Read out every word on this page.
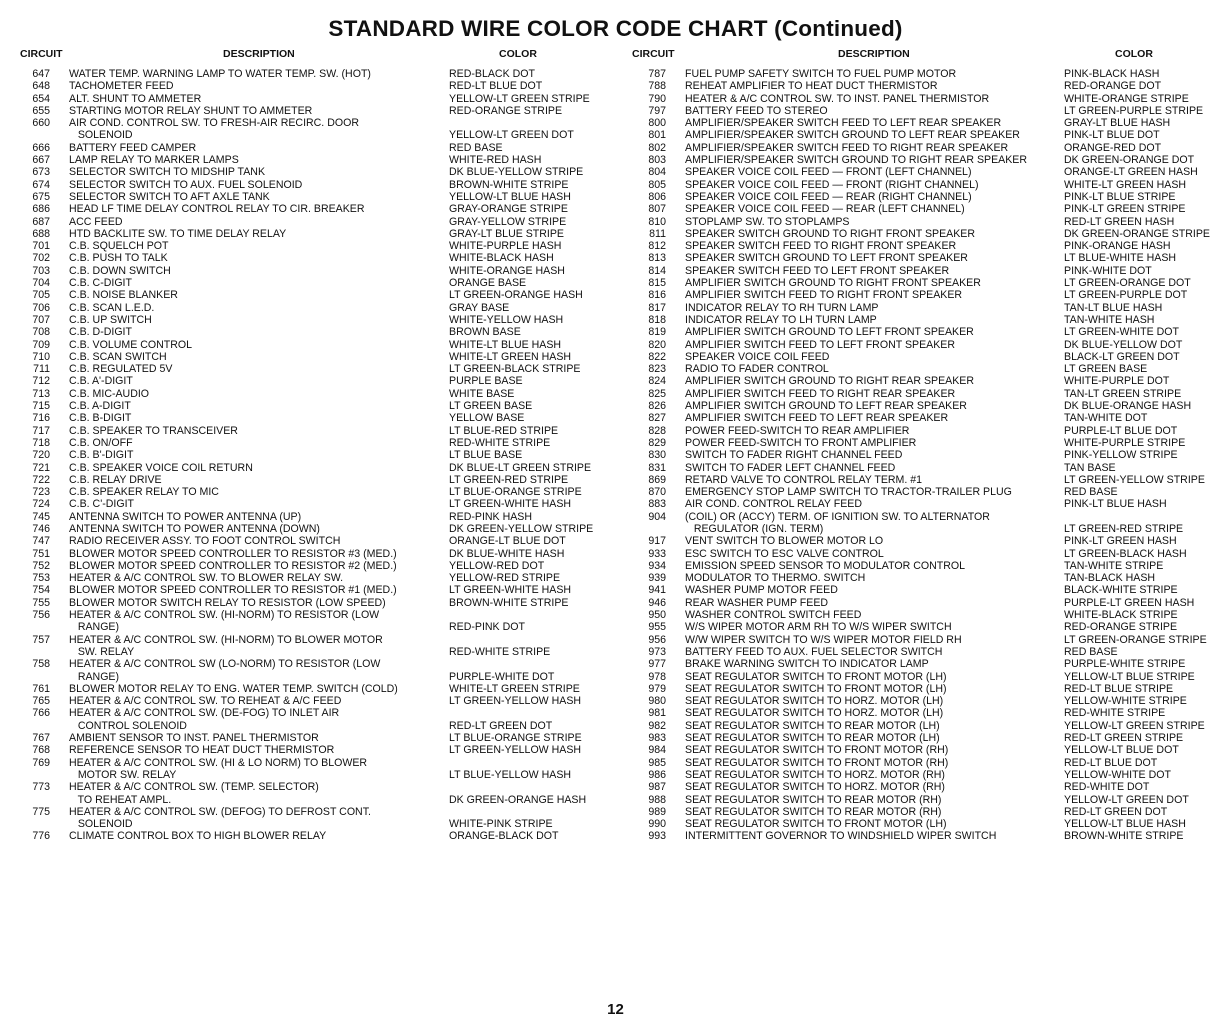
STANDARD WIRE COLOR CODE CHART (Continued)
CIRCUIT	DESCRIPTION	COLOR
647 WATER TEMP. WARNING LAMP TO WATER TEMP. SW. (HOT)	RED-BLACK DOT
648 TACHOMETER FEED	RED-LT BLUE DOT
654 ALT. SHUNT TO AMMETER	YELLOW-LT GREEN STRIPE
655 STARTING MOTOR RELAY SHUNT TO AMMETER	RED-ORANGE STRIPE
660 AIR COND. CONTROL SW. TO FRESH-AIR RECIRC. DOOR
SOLENOID	YELLOW-LT GREEN DOT
666 BATTERY FEED CAMPER	RED BASE
667 LAMP RELAY TO MARKER LAMPS	WHITE-RED HASH
673 SELECTOR SWITCH TO MIDSHIP TANK	DK BLUE-YELLOW STRIPE
674 SELECTOR SWITCH TO AUX. FUEL SOLENOID	BROWN-WHITE STRIPE
675 SELECTOR SWITCH TO AFT AXLE TANK	YELLOW-LT BLUE HASH
686 HEAD LF TIME DELAY CONTROL RELAY TO CIR. BREAKER	GRAY-ORANGE STRIPE
687 ACC FEED	GRAY-YELLOW STRIPE
688 HTD BACKLITE SW. TO TIME DELAY RELAY	GRAY-LT BLUE STRIPE
701 C.B. SQUELCH POT	WHITE-PURPLE HASH
702 C.B. PUSH TO TALK	WHITE-BLACK HASH
703 C.B. DOWN SWITCH	WHITE-ORANGE HASH
704 C.B. C-DIGIT	ORANGE BASE
705 C.B. NOISE BLANKER	LT GREEN-ORANGE HASH
706 C.B. SCAN L.E.D.	GRAY BASE
707 C.B. UP SWITCH	WHITE-YELLOW HASH
708 C.B. D-DIGIT	BROWN BASE
709 C.B. VOLUME CONTROL	WHITE-LT BLUE HASH
710 C.B. SCAN SWITCH	WHITE-LT GREEN HASH
711 C.B. REGULATED 5V	LT GREEN-BLACK STRIPE
712 C.B. A'-DIGIT	PURPLE BASE
713 C.B. MIC-AUDIO	WHITE BASE
715 C.B. A-DIGIT	LT GREEN BASE
716 C.B. B-DIGIT	YELLOW BASE
717 C.B. SPEAKER TO TRANSCEIVER	LT BLUE-RED STRIPE
718 C.B. ON/OFF	RED-WHITE STRIPE
720 C.B. B'-DIGIT	LT BLUE BASE
721 C.B. SPEAKER VOICE COIL RETURN	DK BLUE-LT GREEN STRIPE
722 C.B. RELAY DRIVE	LT GREEN-RED STRIPE
723 C.B. SPEAKER RELAY TO MIC	LT BLUE-ORANGE STRIPE
724 C.B. C'-DIGIT	LT GREEN-WHITE HASH
745 ANTENNA SWITCH TO POWER ANTENNA (UP)	RED-PINK HASH
746 ANTENNA SWITCH TO POWER ANTENNA (DOWN)	DK GREEN-YELLOW STRIPE
747 RADIO RECEIVER ASSY. TO FOOT CONTROL SWITCH	ORANGE-LT BLUE DOT
751 BLOWER MOTOR SPEED CONTROLLER TO RESISTOR #3 (MED.)	DK BLUE-WHITE HASH
752 BLOWER MOTOR SPEED CONTROLLER TO RESISTOR #2 (MED.)	YELLOW-RED DOT
753 HEATER & A/C CONTROL SW. TO BLOWER RELAY SW.	YELLOW-RED STRIPE
754 BLOWER MOTOR SPEED CONTROLLER TO RESISTOR #1 (MED.)	LT GREEN-WHITE HASH
755 BLOWER MOTOR SWITCH RELAY TO RESISTOR (LOW SPEED)	BROWN-WHITE STRIPE
756 HEATER & A/C CONTROL SW. (HI-NORM) TO RESISTOR (LOW
RANGE)	RED-PINK DOT
757 HEATER & A/C CONTROL SW. (HI-NORM) TO BLOWER MOTOR
SW. RELAY	RED-WHITE STRIPE
758 HEATER & A/C CONTROL SW (LO-NORM) TO RESISTOR (LOW
RANGE)	PURPLE-WHITE DOT
761 BLOWER MOTOR RELAY TO ENG. WATER TEMP. SWITCH (COLD)	WHITE-LT GREEN STRIPE
765 HEATER & A/C CONTROL SW. TO REHEAT & A/C FEED	LT GREEN-YELLOW HASH
766 HEATER & A/C CONTROL SW. (DE-FOG) TO INLET AIR
CONTROL SOLENOID	RED-LT GREEN DOT
767 AMBIENT SENSOR TO INST. PANEL THERMISTOR	LT BLUE-ORANGE STRIPE
768 REFERENCE SENSOR TO HEAT DUCT THERMISTOR	LT GREEN-YELLOW HASH
769 HEATER & A/C CONTROL SW. (HI & LO NORM) TO BLOWER
MOTOR SW. RELAY	LT BLUE-YELLOW HASH
773 HEATER & A/C CONTROL SW. (TEMP. SELECTOR)
TO REHEAT AMPL.	DK GREEN-ORANGE HASH
775 HEATER & A/C CONTROL SW. (DEFOG) TO DEFROST CONT.
SOLENOID	WHITE-PINK STRIPE
776 CLIMATE CONTROL BOX TO HIGH BLOWER RELAY	ORANGE-BLACK DOT
CIRCUIT	DESCRIPTION	COLOR
787 FUEL PUMP SAFETY SWITCH TO FUEL PUMP MOTOR	PINK-BLACK HASH
788 REHEAT AMPLIFIER TO HEAT DUCT THERMISTOR	RED-ORANGE DOT
790 HEATER & A/C CONTROL SW. TO INST. PANEL THERMISTOR	WHITE-ORANGE STRIPE
797 BATTERY FEED TO STEREO	LT GREEN-PURPLE STRIPE
800 AMPLIFIER/SPEAKER SWITCH FEED TO LEFT REAR SPEAKER	GRAY-LT BLUE HASH
801 AMPLIFIER/SPEAKER SWITCH GROUND TO LEFT REAR SPEAKER	PINK-LT BLUE DOT
802 AMPLIFIER/SPEAKER SWITCH FEED TO RIGHT REAR SPEAKER	ORANGE-RED DOT
803 AMPLIFIER/SPEAKER SWITCH GROUND TO RIGHT REAR SPEAKER	DK GREEN-ORANGE DOT
804 SPEAKER VOICE COIL FEED — FRONT (LEFT CHANNEL)	ORANGE-LT GREEN HASH
805 SPEAKER VOICE COIL FEED — FRONT (RIGHT CHANNEL)	WHITE-LT GREEN HASH
806 SPEAKER VOICE COIL FEED — REAR (RIGHT CHANNEL)	PINK-LT BLUE STRIPE
807 SPEAKER VOICE COIL FEED — REAR (LEFT CHANNEL)	PINK-LT GREEN STRIPE
810 STOPLAMP SW. TO STOPLAMPS	RED-LT GREEN HASH
811 SPEAKER SWITCH GROUND TO RIGHT FRONT SPEAKER	DK GREEN-ORANGE STRIPE
812 SPEAKER SWITCH FEED TO RIGHT FRONT SPEAKER	PINK-ORANGE HASH
813 SPEAKER SWITCH GROUND TO LEFT FRONT SPEAKER	LT BLUE-WHITE HASH
814 SPEAKER SWITCH FEED TO LEFT FRONT SPEAKER	PINK-WHITE DOT
815 AMPLIFIER SWITCH GROUND TO RIGHT FRONT SPEAKER	LT GREEN-ORANGE DOT
816 AMPLIFIER SWITCH FEED TO RIGHT FRONT SPEAKER	LT GREEN-PURPLE DOT
817 INDICATOR RELAY TO RH TURN LAMP	TAN-LT BLUE HASH
818 INDICATOR RELAY TO LH TURN LAMP	TAN-WHITE HASH
819 AMPLIFIER SWITCH GROUND TO LEFT FRONT SPEAKER	LT GREEN-WHITE DOT
820 AMPLIFIER SWITCH FEED TO LEFT FRONT SPEAKER	DK BLUE-YELLOW DOT
822 SPEAKER VOICE COIL FEED	BLACK-LT GREEN DOT
823 RADIO TO FADER CONTROL	LT GREEN BASE
824 AMPLIFIER SWITCH GROUND TO RIGHT REAR SPEAKER	WHITE-PURPLE DOT
825 AMPLIFIER SWITCH FEED TO RIGHT REAR SPEAKER	TAN-LT GREEN STRIPE
826 AMPLIFIER SWITCH GROUND TO LEFT REAR SPEAKER	DK BLUE-ORANGE HASH
827 AMPLIFIER SWITCH FEED TO LEFT REAR SPEAKER	TAN-WHITE DOT
828 POWER FEED-SWITCH TO REAR AMPLIFIER	PURPLE-LT BLUE DOT
829 POWER FEED-SWITCH TO FRONT AMPLIFIER	WHITE-PURPLE STRIPE
830 SWITCH TO FADER RIGHT CHANNEL FEED	PINK-YELLOW STRIPE
831 SWITCH TO FADER LEFT CHANNEL FEED	TAN BASE
869 RETARD VALVE TO CONTROL RELAY TERM. #1	LT GREEN-YELLOW STRIPE
870 EMERGENCY STOP LAMP SWITCH TO TRACTOR-TRAILER PLUG	RED BASE
883 AIR COND. CONTROL RELAY FEED	PINK-LT BLUE HASH
904 (COIL) OR (ACCY) TERM. OF IGNITION SW. TO ALTERNATOR
REGULATOR (IGN. TERM)	LT GREEN-RED STRIPE
917 VENT SWITCH TO BLOWER MOTOR LO	PINK-LT GREEN HASH
933 ESC SWITCH TO ESC VALVE CONTROL	LT GREEN-BLACK HASH
934 EMISSION SPEED SENSOR TO MODULATOR CONTROL	TAN-WHITE STRIPE
939 MODULATOR TO THERMO. SWITCH	TAN-BLACK HASH
941 WASHER PUMP MOTOR FEED	BLACK-WHITE STRIPE
946 REAR WASHER PUMP FEED	PURPLE-LT GREEN HASH
950 WASHER CONTROL SWITCH FEED	WHITE-BLACK STRIPE
955 W/S WIPER MOTOR ARM RH TO W/S WIPER SWITCH	RED-ORANGE STRIPE
956 W/W WIPER SWITCH TO W/S WIPER MOTOR FIELD RH	LT GREEN-ORANGE STRIPE
973 BATTERY FEED TO AUX. FUEL SELECTOR SWITCH	RED BASE
977 BRAKE WARNING SWITCH TO INDICATOR LAMP	PURPLE-WHITE STRIPE
978 SEAT REGULATOR SWITCH TO FRONT MOTOR (LH)	YELLOW-LT BLUE STRIPE
979 SEAT REGULATOR SWITCH TO FRONT MOTOR (LH)	RED-LT BLUE STRIPE
980 SEAT REGULATOR SWITCH TO HORZ. MOTOR (LH)	YELLOW-WHITE STRIPE
981 SEAT REGULATOR SWITCH TO HORZ. MOTOR (LH)	RED-WHITE STRIPE
982 SEAT REGULATOR SWITCH TO REAR MOTOR (LH)	YELLOW-LT GREEN STRIPE
983 SEAT REGULATOR SWITCH TO REAR MOTOR (LH)	RED-LT GREEN STRIPE
984 SEAT REGULATOR SWITCH TO FRONT MOTOR (RH)	YELLOW-LT BLUE DOT
985 SEAT REGULATOR SWITCH TO FRONT MOTOR (RH)	RED-LT BLUE DOT
986 SEAT REGULATOR SWITCH TO HORZ. MOTOR (RH)	YELLOW-WHITE DOT
987 SEAT REGULATOR SWITCH TO HORZ. MOTOR (RH)	RED-WHITE DOT
988 SEAT REGULATOR SWITCH TO REAR MOTOR (RH)	YELLOW-LT GREEN DOT
989 SEAT REGULATOR SWITCH TO REAR MOTOR (RH)	RED-LT GREEN DOT
990 SEAT REGULATOR SWITCH TO FRONT MOTOR (LH)	YELLOW-LT BLUE HASH
993 INTERMITTENT GOVERNOR TO WINDSHIELD WIPER SWITCH	BROWN-WHITE STRIPE
12
